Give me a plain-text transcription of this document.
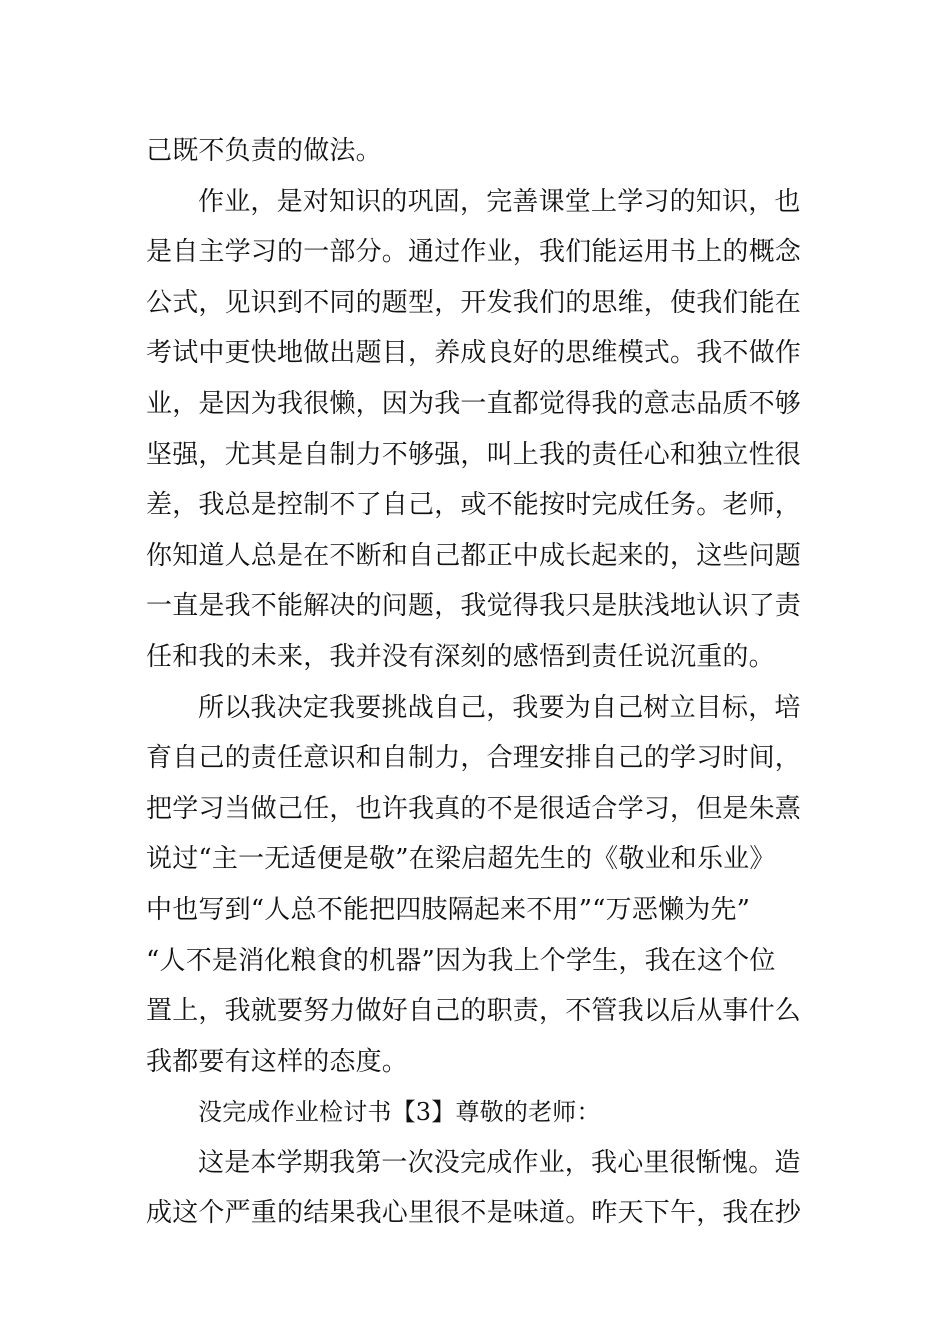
己既不负责的做法。
作业，是对知识的巩固，完善课堂上学习的知识，也
是自主学习的一部分。通过作业，我们能运用书上的概念
公式，见识到不同的题型，开发我们的思维，使我们能在
考试中更快地做出题目，养成良好的思维模式。我不做作
业，是因为我很懒，因为我一直都觉得我的意志品质不够
坚强，尤其是自制力不够强，叫上我的责任心和独立性很
差，我总是控制不了自己，或不能按时完成任务。老师，
你知道人总是在不断和自己都正中成长起来的，这些问题
一直是我不能解决的问题，我觉得我只是肤浅地认识了责
任和我的未来，我并没有深刻的感悟到责任说沉重的。
所以我决定我要挑战自己，我要为自己树立目标，培
育自己的责任意识和自制力，合理安排自己的学习时间，
把学习当做己任，也许我真的不是很适合学习，但是朱熹
说过“主一无适便是敬”在梁启超先生的《敬业和乐业》
中也写到“人总不能把四肢隔起来不用”“万恶懒为先”
“人不是消化粮食的机器”因为我上个学生，我在这个位
置上，我就要努力做好自己的职责，不管我以后从事什么
我都要有这样的态度。
没完成作业检讨书【3】尊敬的老师：
这是本学期我第一次没完成作业，我心里很惭愧。造
成这个严重的结果我心里很不是味道。昨天下午，我在抄
